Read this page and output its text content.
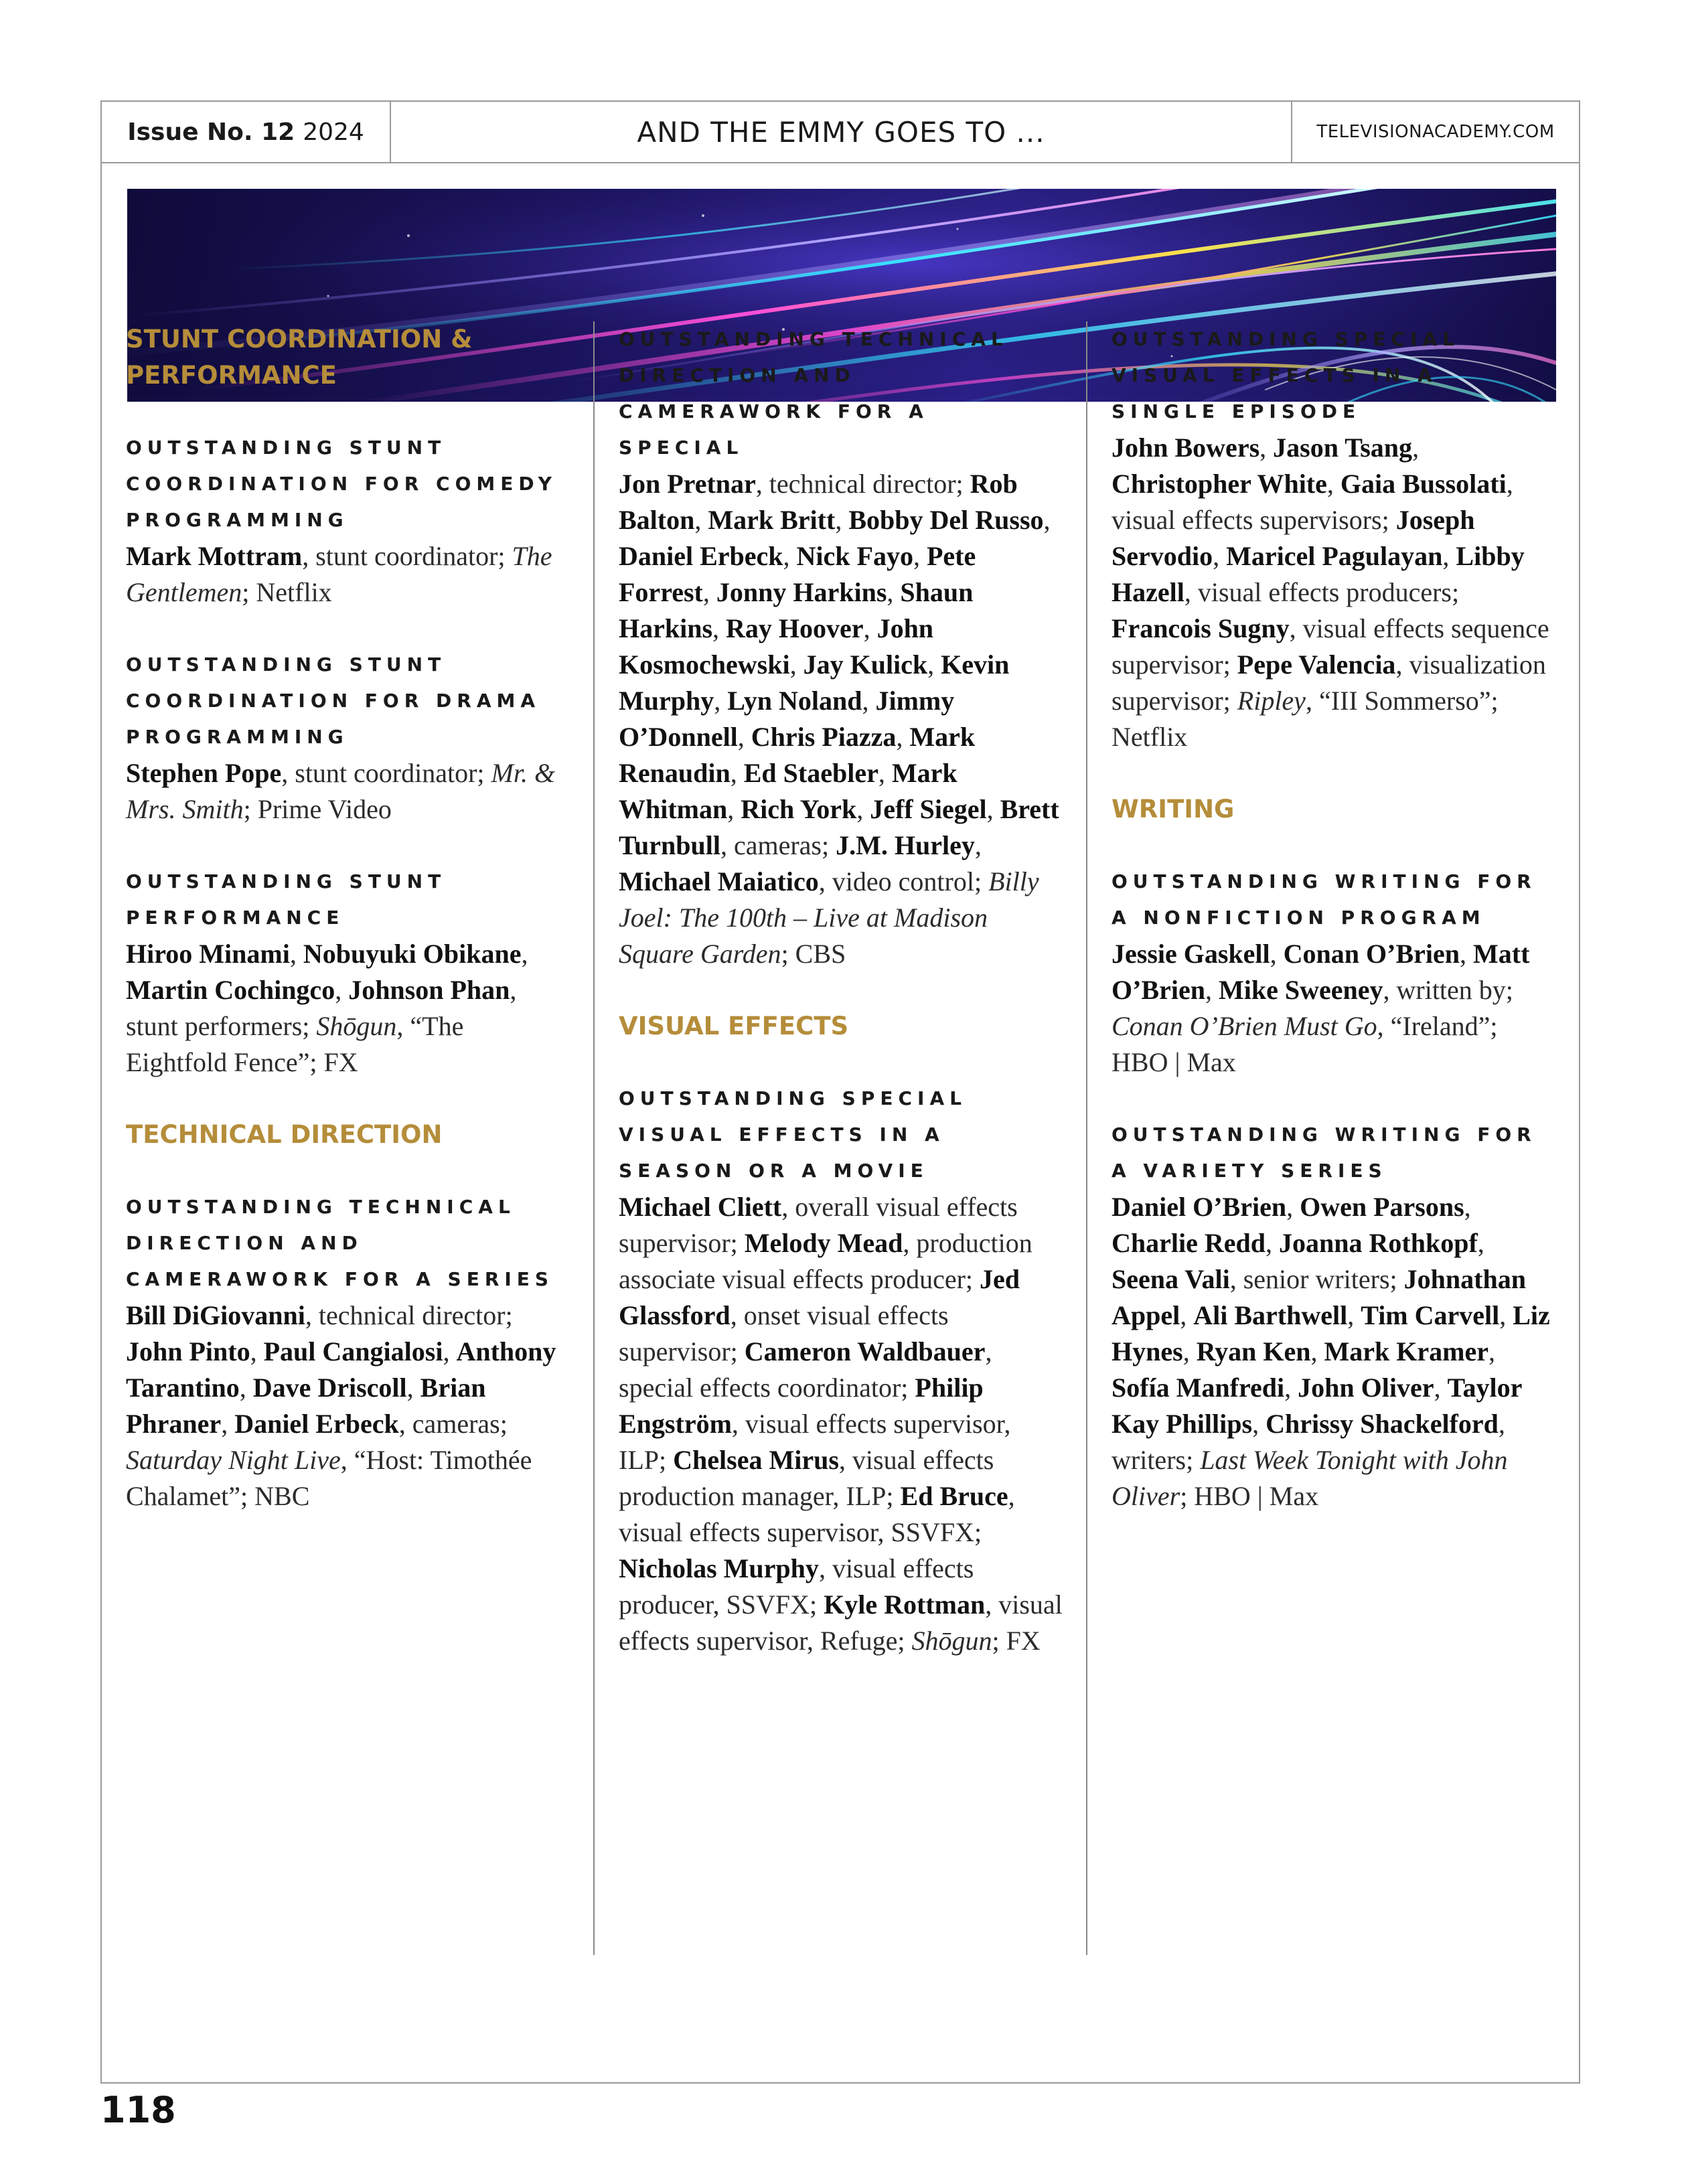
Issue No. 12 2024	AND THE EMMY GOES TO ...	TELEVISIONACADEMY.COM
STUNT COORDINATION & PERFORMANCE
OUTSTANDING STUNT COORDINATION FOR COMEDY PROGRAMMING

Mark Mottram, stunt coordinator; The Gentlemen; Netflix

OUTSTANDING STUNT COORDINATION FOR DRAMA PROGRAMMING

Stephen Pope, stunt coordinator; Mr. & Mrs. Smith; Prime Video

OUTSTANDING STUNT PERFORMANCE

Hiroo Minami, Nobuyuki Obikane, Martin Cochingco, Johnson Phan, stunt performers; Shōgun, “The Eightfold Fence”; FX

TECHNICAL DIRECTION
OUTSTANDING TECHNICAL DIRECTION AND CAMERAWORK FOR A SERIES

Bill DiGiovanni, technical director; John Pinto, Paul Cangialosi, Anthony Tarantino, Dave Driscoll, Brian Phraner, Daniel Erbeck, cameras; Saturday Night Live, “Host: Timothée Chalamet”; NBC

OUTSTANDING TECHNICAL DIRECTION AND CAMERAWORK FOR A SPECIAL

Jon Pretnar, technical director; Rob Balton, Mark Britt, Bobby Del Russo, Daniel Erbeck, Nick Fayo, Pete Forrest, Jonny Harkins, Shaun Harkins, Ray Hoover, John Kosmochewski, Jay Kulick, Kevin Murphy, Lyn Noland, Jimmy O’Donnell, Chris Piazza, Mark Renaudin, Ed Staebler, Mark Whitman, Rich York, Jeff Siegel, Brett Turnbull, cameras; J.M. Hurley, Michael Maiatico, video control; Billy Joel: The 100th – Live at Madison Square Garden; CBS

VISUAL EFFECTS
OUTSTANDING SPECIAL VISUAL EFFECTS IN A SEASON OR A MOVIE

Michael Cliett, overall visual effects supervisor; Melody Mead, production associate visual effects producer; Jed Glassford, onset visual effects supervisor; Cameron Waldbauer, special effects coordinator; Philip Engström, visual effects supervisor, ILP; Chelsea Mirus, visual effects production manager, ILP; Ed Bruce, visual effects supervisor, SSVFX; Nicholas Murphy, visual effects producer, SSVFX; Kyle Rottman, visual effects supervisor, Refuge; Shōgun; FX

OUTSTANDING SPECIAL VISUAL EFFECTS IN A SINGLE EPISODE

John Bowers, Jason Tsang, Christopher White, Gaia Bussolati, visual effects supervisors; Joseph Servodio, Maricel Pagulayan, Libby Hazell, visual effects producers; Francois Sugny, visual effects sequence supervisor; Pepe Valencia, visualization supervisor; Ripley, “III Sommerso”; Netflix

WRITING
OUTSTANDING WRITING FOR A NONFICTION PROGRAM

Jessie Gaskell, Conan O’Brien, Matt O’Brien, Mike Sweeney, written by; Conan O’Brien Must Go, “Ireland”; HBO | Max

OUTSTANDING WRITING FOR A VARIETY SERIES

Daniel O’Brien, Owen Parsons, Charlie Redd, Joanna Rothkopf, Seena Vali, senior writers; Johnathan Appel, Ali Barthwell, Tim Carvell, Liz Hynes, Ryan Ken, Mark Kramer, Sofía Manfredi, John Oliver, Taylor Kay Phillips, Chrissy Shackelford, writers; Last Week Tonight with John Oliver; HBO | Max

118
